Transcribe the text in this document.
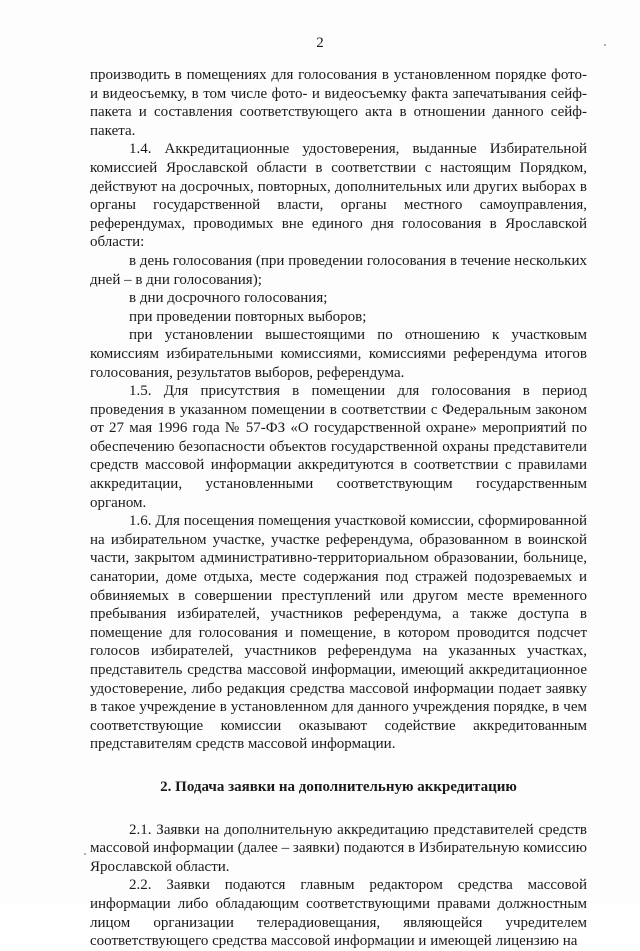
2

производить в помещениях для голосования в установленном порядке фото- и видеосъемку, в том числе фото- и видеосъемку факта запечатывания сейф-пакета и составления соответствующего акта в отношении данного сейф-пакета.

1.4. Аккредитационные удостоверения, выданные Избирательной комиссией Ярославской области в соответствии с настоящим Порядком, действуют на досрочных, повторных, дополнительных или других выборах в органы государственной власти, органы местного самоуправления, референдумах, проводимых вне единого дня голосования в Ярославской области:

в день голосования (при проведении голосования в течение нескольких дней – в дни голосования);

в дни досрочного голосования;

при проведении повторных выборов;

при установлении вышестоящими по отношению к участковым комиссиям избирательными комиссиями, комиссиями референдума итогов голосования, результатов выборов, референдума.

1.5. Для присутствия в помещении для голосования в период проведения в указанном помещении в соответствии с Федеральным законом от 27 мая 1996 года № 57-ФЗ «О государственной охране» мероприятий по обеспечению безопасности объектов государственной охраны представители средств массовой информации аккредитуются в соответствии с правилами аккредитации, установленными соответствующим государственным органом.

1.6. Для посещения помещения участковой комиссии, сформированной на избирательном участке, участке референдума, образованном в воинской части, закрытом административно-территориальном образовании, больнице, санатории, доме отдыха, месте содержания под стражей подозреваемых и обвиняемых в совершении преступлений или другом месте временного пребывания избирателей, участников референдума, а также доступа в помещение для голосования и помещение, в котором проводится подсчет голосов избирателей, участников референдума на указанных участках, представитель средства массовой информации, имеющий аккредитационное удостоверение, либо редакция средства массовой информации подает заявку в такое учреждение в установленном для данного учреждения порядке, в чем соответствующие комиссии оказывают содействие аккредитованным представителям средств массовой информации.

2. Подача заявки на дополнительную аккредитацию

2.1. Заявки на дополнительную аккредитацию представителей средств массовой информации (далее – заявки) подаются в Избирательную комиссию Ярославской области.

2.2. Заявки подаются главным редактором средства массовой информации либо обладающим соответствующими правами должностным лицом организации телерадиовещания, являющейся учредителем соответствующего средства массовой информации и имеющей лицензию на
